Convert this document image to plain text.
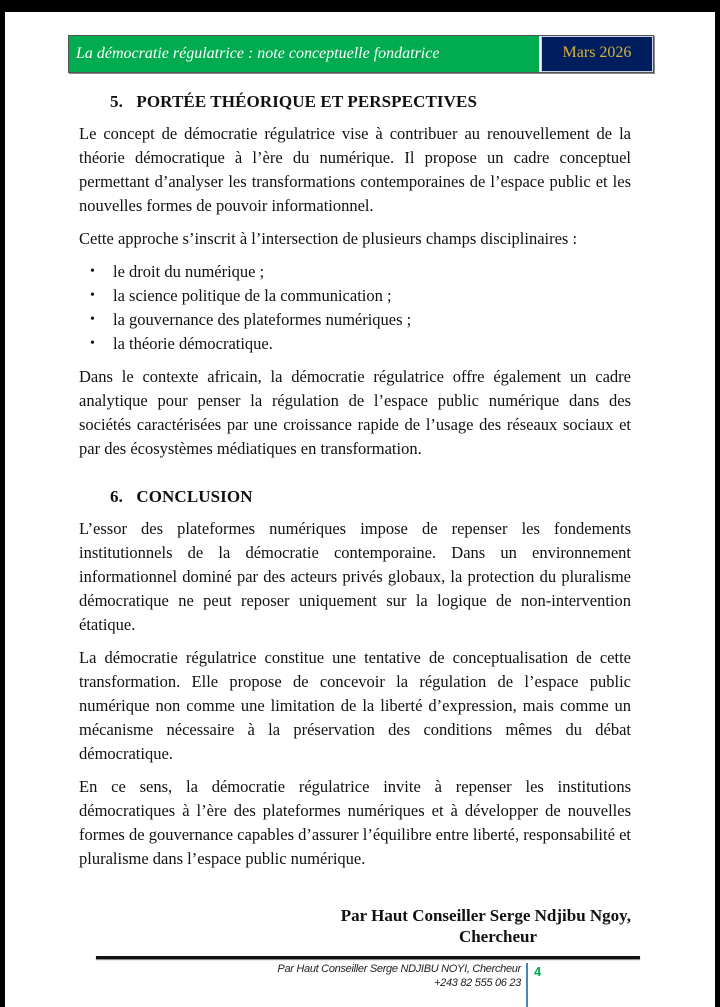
La démocratie régulatrice : note conceptuelle fondatrice	Mars 2026
5. PORTÉE THÉORIQUE ET PERSPECTIVES

Le concept de démocratie régulatrice vise à contribuer au renouvellement de la théorie démocratique à l’ère du numérique. Il propose un cadre conceptuel permettant d’analyser les transformations contemporaines de l’espace public et les nouvelles formes de pouvoir informationnel.

Cette approche s’inscrit à l’intersection de plusieurs champs disciplinaires :

• le droit du numérique ;
• la science politique de la communication ;
• la gouvernance des plateformes numériques ;
• la théorie démocratique.

Dans le contexte africain, la démocratie régulatrice offre également un cadre analytique pour penser la régulation de l’espace public numérique dans des sociétés caractérisées par une croissance rapide de l’usage des réseaux sociaux et par des écosystèmes médiatiques en transformation.

6. CONCLUSION

L’essor des plateformes numériques impose de repenser les fondements institutionnels de la démocratie contemporaine. Dans un environnement informationnel dominé par des acteurs privés globaux, la protection du pluralisme démocratique ne peut reposer uniquement sur la logique de non-intervention étatique.

La démocratie régulatrice constitue une tentative de conceptualisation de cette transformation. Elle propose de concevoir la régulation de l’espace public numérique non comme une limitation de la liberté d’expression, mais comme un mécanisme nécessaire à la préservation des conditions mêmes du débat démocratique.

En ce sens, la démocratie régulatrice invite à repenser les institutions démocratiques à l’ère des plateformes numériques et à développer de nouvelles formes de gouvernance capables d’assurer l’équilibre entre liberté, responsabilité et pluralisme dans l’espace public numérique.

Par Haut Conseiller Serge Ndjibu Ngoy,
Chercheur
Par Haut Conseiller Serge NDJIBU NOYI, Chercheur
+243 82 555 06 23
4
